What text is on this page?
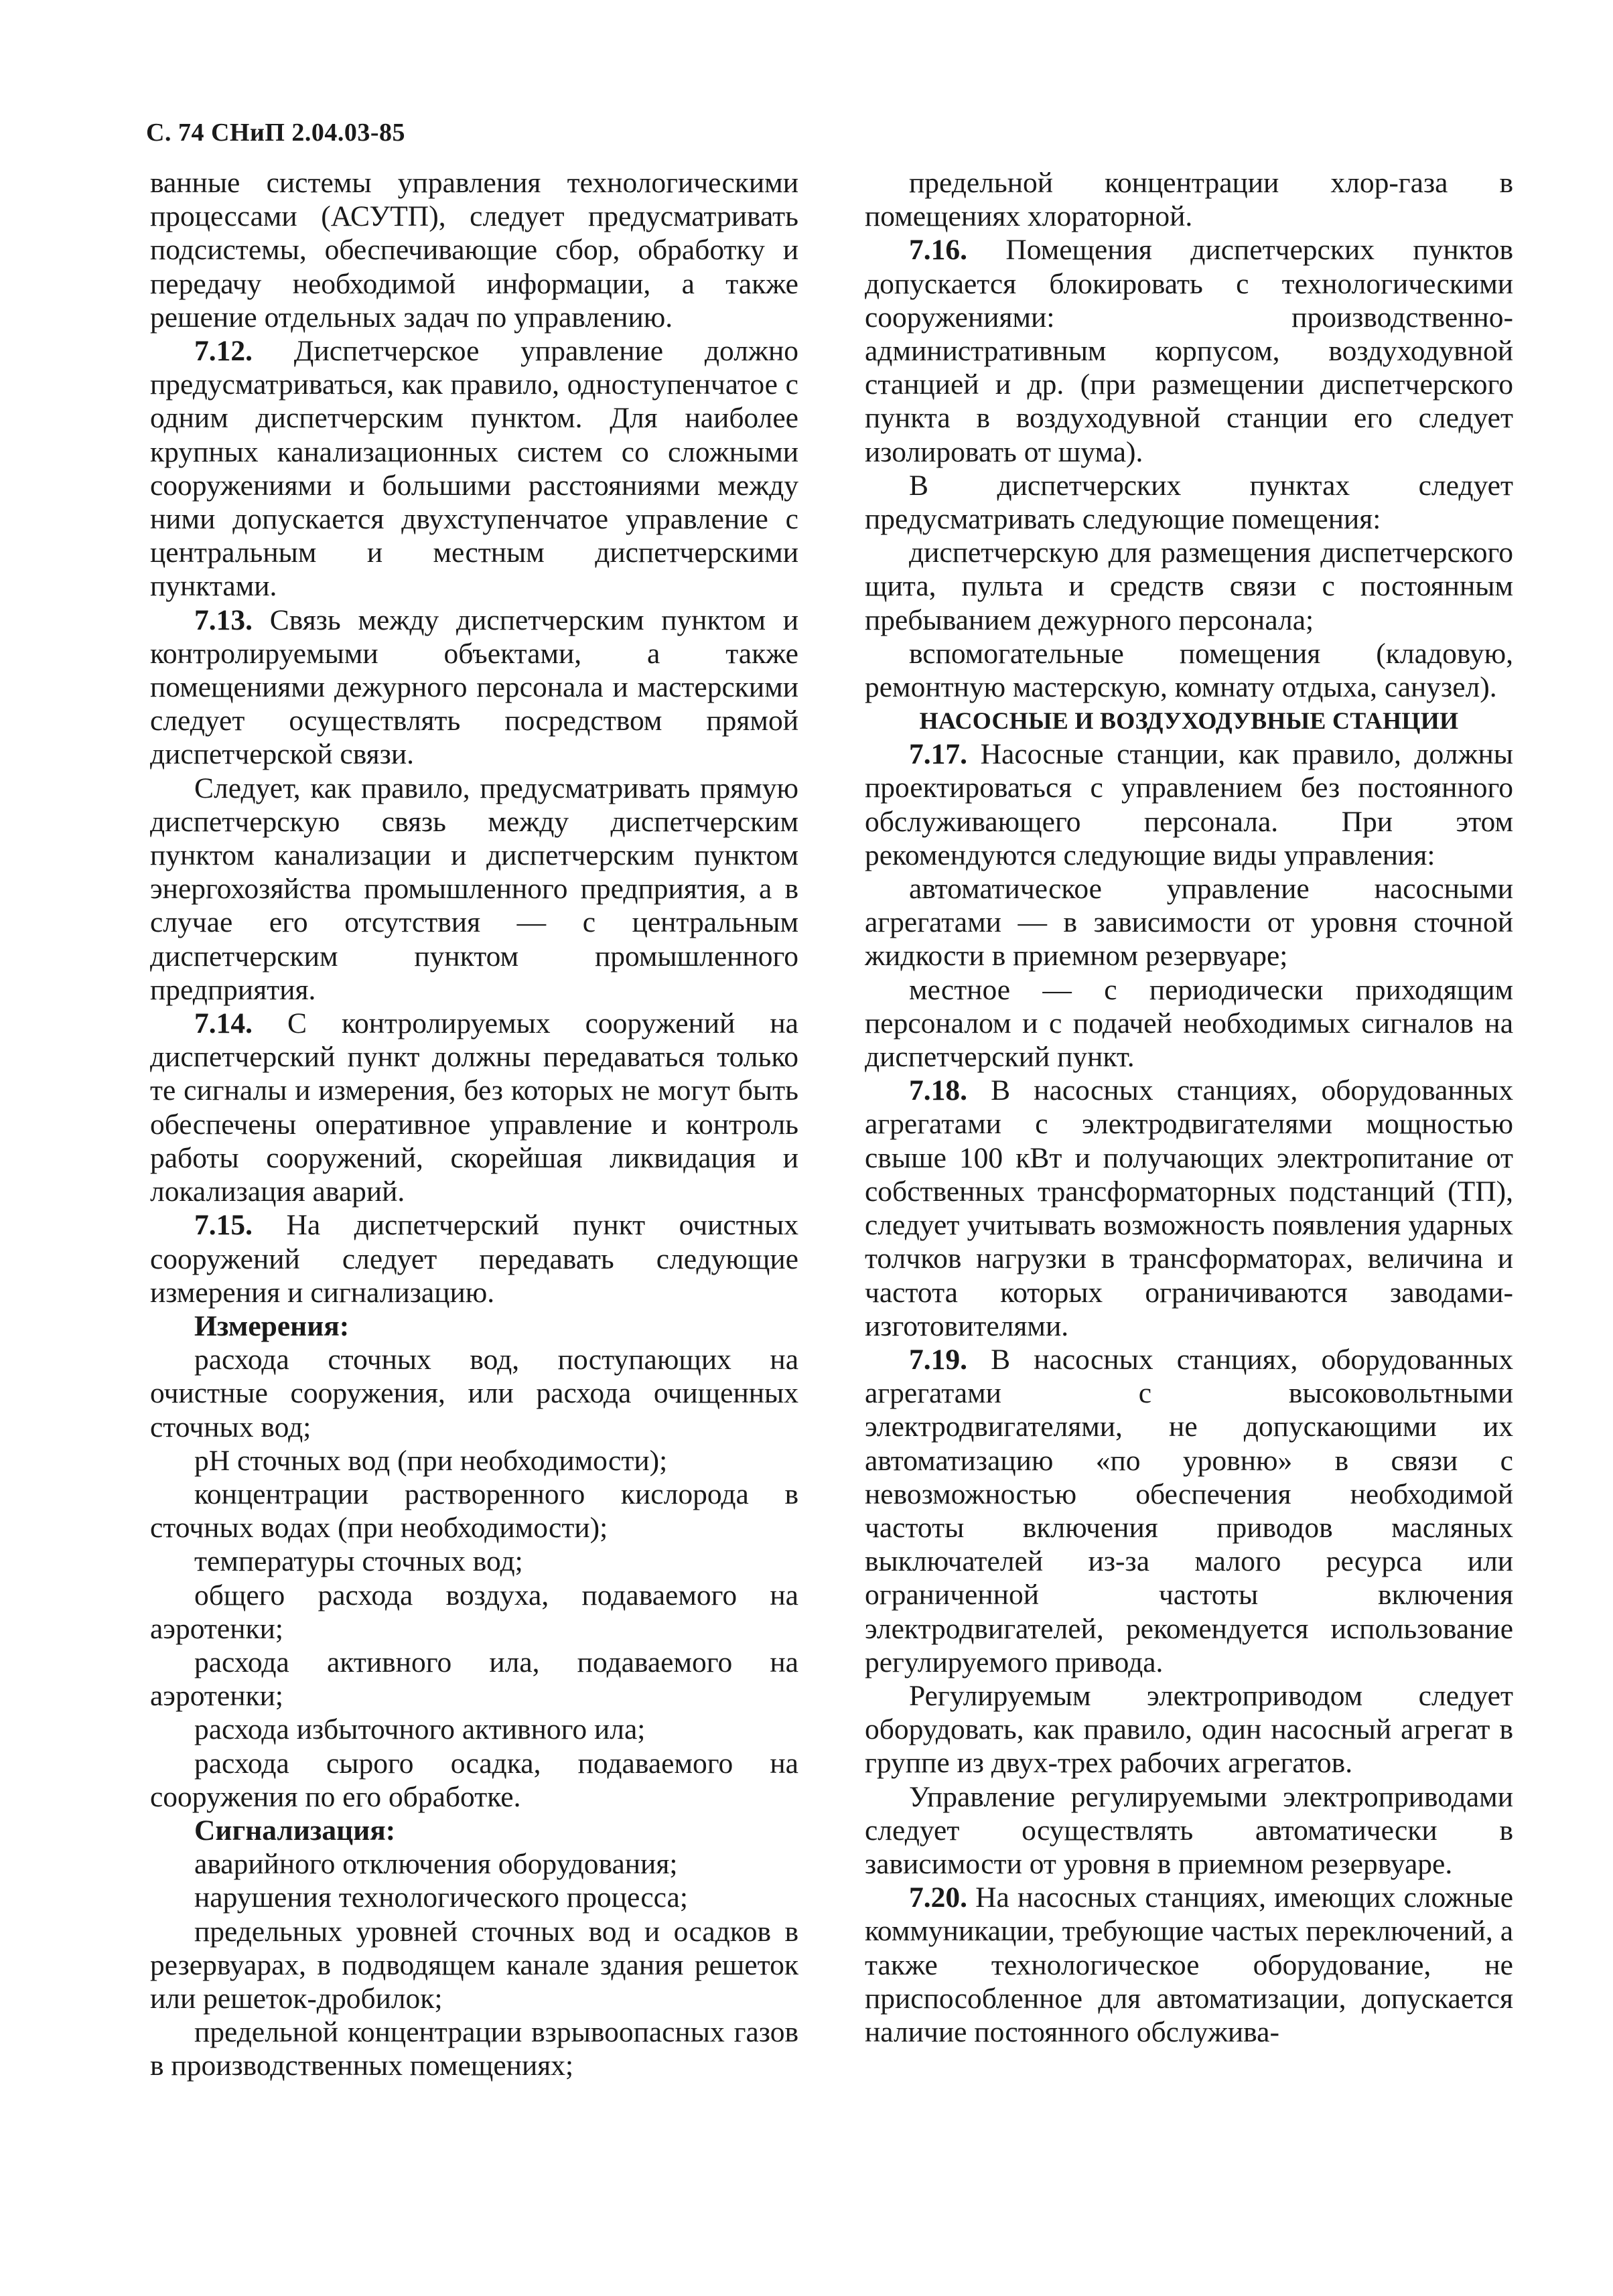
С. 74 СНиП 2.04.03-85

ванные системы управления технологическими процессами (АСУТП), следует предусматривать подсистемы, обеспечивающие сбор, обработку и передачу необходимой информации, а также решение отдельных задач по управлению.

7.12. Диспетчерское управление должно предусматриваться, как правило, одноступенчатое с одним диспетчерским пунктом. Для наиболее крупных канализационных систем со сложными сооружениями и большими расстояниями между ними допускается двухступенчатое управление с центральным и местным диспетчерскими пунктами.

7.13. Связь между диспетчерским пунктом и контролируемыми объектами, а также помещениями дежурного персонала и мастерскими следует осуществлять посредством прямой диспетчерской связи.

Следует, как правило, предусматривать прямую диспетчерскую связь между диспетчерским пунктом канализации и диспетчерским пунктом энергохозяйства промышленного предприятия, а в случае его отсутствия — с центральным диспетчерским пунктом промышленного предприятия.

7.14. С контролируемых сооружений на диспетчерский пункт должны передаваться только те сигналы и измерения, без которых не могут быть обеспечены оперативное управление и контроль работы сооружений, скорейшая ликвидация и локализация аварий.

7.15. На диспетчерский пункт очистных сооружений следует передавать следующие измерения и сигнализацию.

Измерения:

расхода сточных вод, поступающих на очистные сооружения, или расхода очищенных сточных вод;

pH сточных вод (при необходимости);

концентрации растворенного кислорода в сточных водах (при необходимости);

температуры сточных вод;

общего расхода воздуха, подаваемого на аэротенки;

расхода активного ила, подаваемого на аэротенки;

расхода избыточного активного ила;

расхода сырого осадка, подаваемого на сооружения по его обработке.

Сигнализация:

аварийного отключения оборудования;

нарушения технологического процесса;

предельных уровней сточных вод и осадков в резервуарах, в подводящем канале здания решеток или решеток-дробилок;

предельной концентрации взрывоопасных газов в производственных помещениях;

предельной концентрации хлор-газа в помещениях хлораторной.

7.16. Помещения диспетчерских пунктов допускается блокировать с технологическими сооружениями: производственно-административным корпусом, воздуходувной станцией и др. (при размещении диспетчерского пункта в воздуходувной станции его следует изолировать от шума).

В диспетчерских пунктах следует предусматривать следующие помещения:

диспетчерскую для размещения диспетчерского щита, пульта и средств связи с постоянным пребыванием дежурного персонала;

вспомогательные помещения (кладовую, ремонтную мастерскую, комнату отдыха, санузел).

НАСОСНЫЕ И ВОЗДУХОДУВНЫЕ СТАНЦИИ

7.17. Насосные станции, как правило, должны проектироваться с управлением без постоянного обслуживающего персонала. При этом рекомендуются следующие виды управления:

автоматическое управление насосными агрегатами — в зависимости от уровня сточной жидкости в приемном резервуаре;

местное — с периодически приходящим персоналом и с подачей необходимых сигналов на диспетчерский пункт.

7.18. В насосных станциях, оборудованных агрегатами с электродвигателями мощностью свыше 100 кВт и получающих электропитание от собственных трансформаторных подстанций (ТП), следует учитывать возможность появления ударных толчков нагрузки в трансформаторах, величина и частота которых ограничиваются заводами-изготовителями.

7.19. В насосных станциях, оборудованных агрегатами с высоковольтными электродвигателями, не допускающими их автоматизацию «по уровню» в связи с невозможностью обеспечения необходимой частоты включения приводов масляных выключателей из-за малого ресурса или ограниченной частоты включения электродвигателей, рекомендуется использование регулируемого привода.

Регулируемым электроприводом следует оборудовать, как правило, один насосный агрегат в группе из двух-трех рабочих агрегатов.

Управление регулируемыми электроприводами следует осуществлять автоматически в зависимости от уровня в приемном резервуаре.

7.20. На насосных станциях, имеющих сложные коммуникации, требующие частых переключений, а также технологическое оборудование, не приспособленное для автоматизации, допускается наличие постоянного обслужива-
